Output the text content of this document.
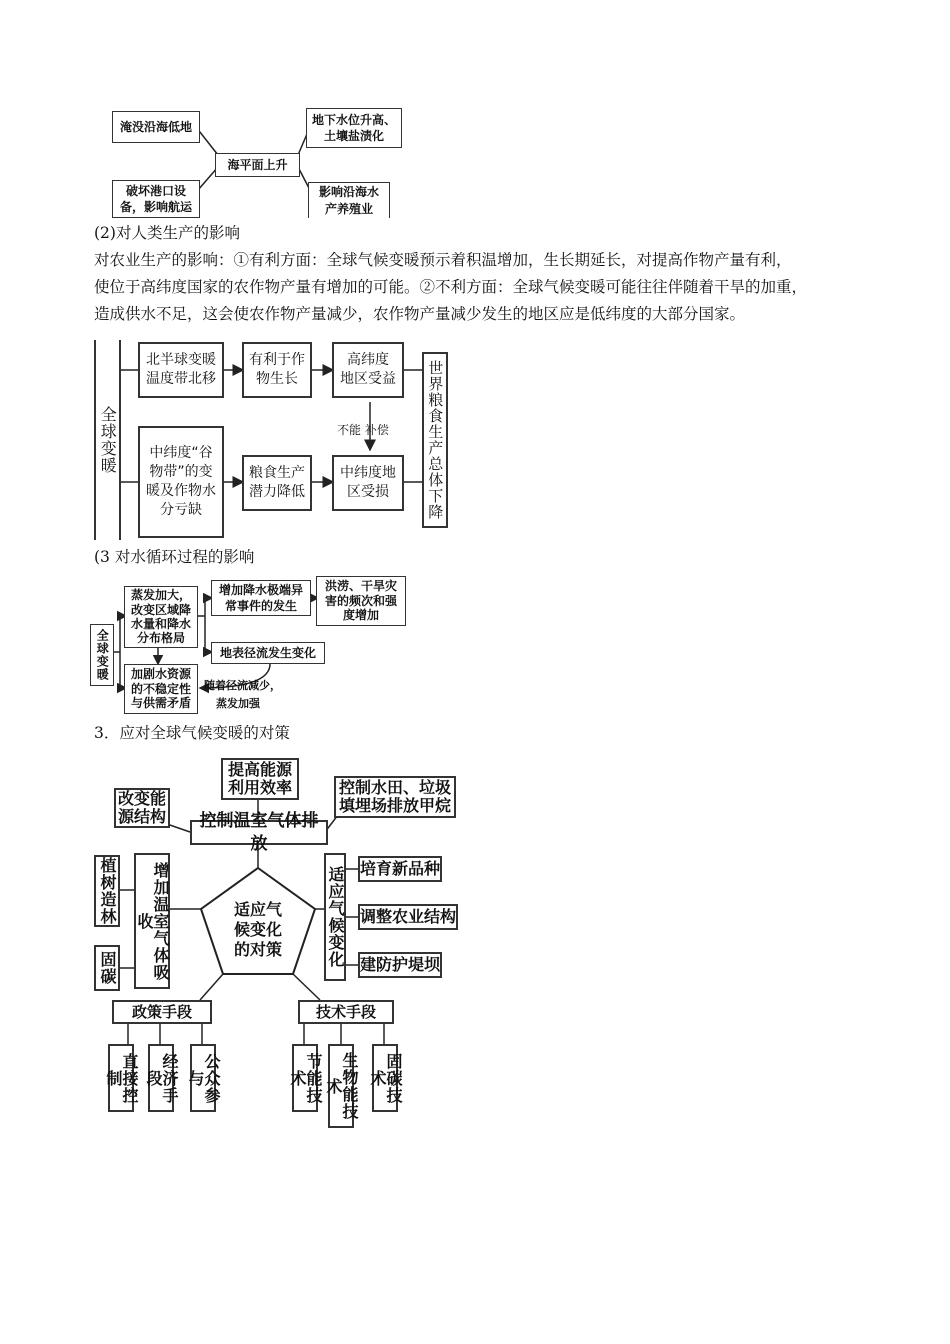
海平面上升
淹没沿海低地
地下水位升高、
土壤盐渍化
破坏港口设
备，影响航运
影响沿海水
产养殖业
(2)对人类生产的影响
对农业生产的影响：①有利方面：全球气候变暖预示着积温增加，生长期延长，对提高作物产量有利，
使位于高纬度国家的农作物产量有增加的可能。②不利方面：全球气候变暖可能往往伴随着干旱的加重，
造成供水不足，这会使农作物产量减少，农作物产量减少发生的地区应是低纬度的大部分国家。
全球变暖
北半球变暖
温度带北移
有利于作
物生长
高纬度
地区受益
中纬度“谷
物带”的变
暖及作物水
分亏缺
粮食生产
潜力降低
中纬度地
区受损
不能 补偿 世界粮食生产总体下降
(3 对水循环过程的影响
全球变暖
蒸发加大，
改变区域降
水量和降水
分布格局
增加降水极端异
常事件的发生
洪涝、干旱灾
害的频次和强
度增加
地表径流发生变化
加剧水资源
的不稳定性
与供需矛盾
随着径流减少，
蒸发加强
3．应对全球气候变暖的对策
适应气
候变化
的对策
控制温室气体排放
改变能
源结构
提高能源
利用效率	控制水田、垃圾
填埋场排放甲烷
增加温室气体吸收
植树造林
固碳	适应气候变化 培育新品种
调整农业结构
建防护堤坝
政策手段
直接控制	经济手段	公众参与
技术手段
节能技术	生物能技术	固碳技术
